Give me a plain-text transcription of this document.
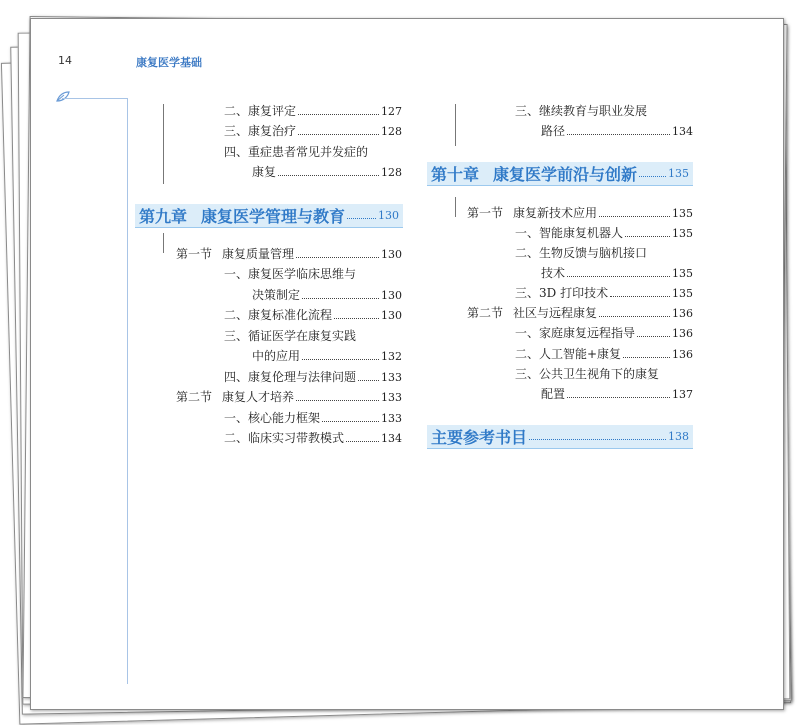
14	康复医学基础
二、康复评定	127
三、康复治疗	128
四、重症患者常见并发症的
康复	128
第九章 康复医学管理与教育	130
第一节 康复质量管理	130
一、康复医学临床思维与
决策制定	130
二、康复标准化流程	130
三、循证医学在康复实践
中的应用	132
四、康复伦理与法律问题 133
第二节 康复人才培养	133
一、核心能力框架	133
二、临床实习带教模式	134
三、继续教育与职业发展
路径	134
第十章 康复医学前沿与创新	135
第一节 康复新技术应用	135
一、智能康复机器人	135
二、生物反馈与脑机接口
技术	135
三、3D 打印技术	135
第二节 社区与远程康复	136
一、家庭康复远程指导	136
二、人工智能+康复	136
三、公共卫生视角下的康复
配置	137
主要参考书目	138
